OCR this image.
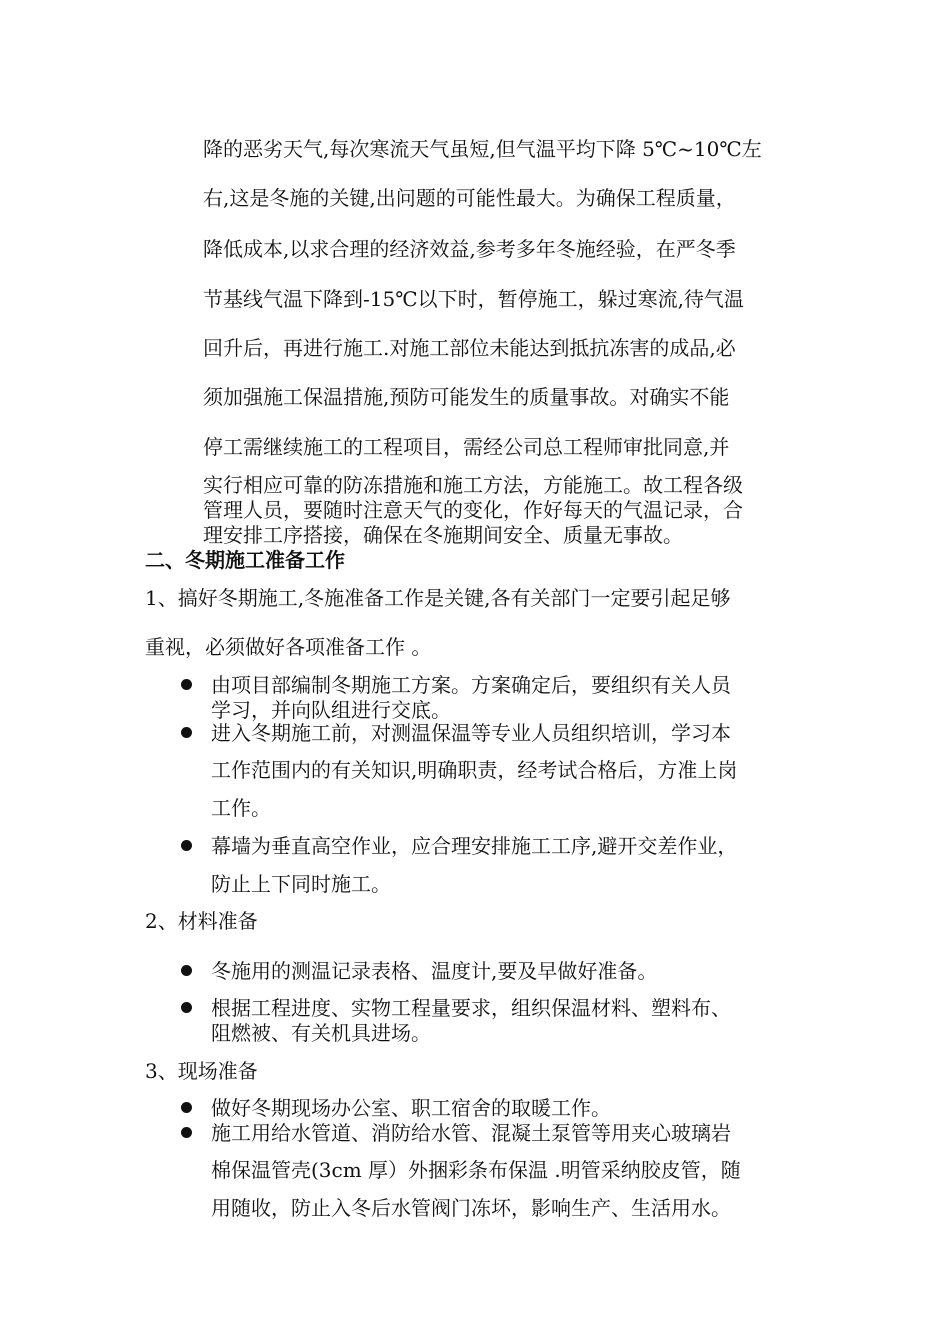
降的恶劣天气,每次寒流天气虽短,但气温平均下降 5℃~10℃左

右,这是冬施的关键,出问题的可能性最大。为确保工程质量，

降低成本,以求合理的经济效益,参考多年冬施经验，在严冬季

节基线气温下降到-15℃以下时，暂停施工，躲过寒流,待气温

回升后，再进行施工.对施工部位未能达到抵抗冻害的成品,必

须加强施工保温措施,预防可能发生的质量事故。对确实不能

停工需继续施工的工程项目，需经公司总工程师审批同意,并

实行相应可靠的防冻措施和施工方法，方能施工。故工程各级

管理人员，要随时注意天气的变化，作好每天的气温记录，合

理安排工序搭接，确保在冬施期间安全、质量无事故。

二、冬期施工准备工作

1、搞好冬期施工,冬施准备工作是关键,各有关部门一定要引起足够

重视，必须做好各项准备工作 。

由项目部编制冬期施工方案。方案确定后，要组织有关人员

学习，并向队组进行交底。

进入冬期施工前，对测温保温等专业人员组织培训，学习本

工作范围内的有关知识,明确职责，经考试合格后，方准上岗

工作。

幕墙为垂直高空作业，应合理安排施工工序,避开交差作业，

防止上下同时施工。

2、材料准备

冬施用的测温记录表格、温度计,要及早做好准备。

根据工程进度、实物工程量要求，组织保温材料、塑料布、

阻燃被、有关机具进场。

3、现场准备

做好冬期现场办公室、职工宿舍的取暖工作。

施工用给水管道、消防给水管、混凝土泵管等用夹心玻璃岩

棉保温管壳(3cm 厚）外捆彩条布保温 .明管采纳胶皮管，随

用随收，防止入冬后水管阀门冻坏，影响生产、生活用水。
